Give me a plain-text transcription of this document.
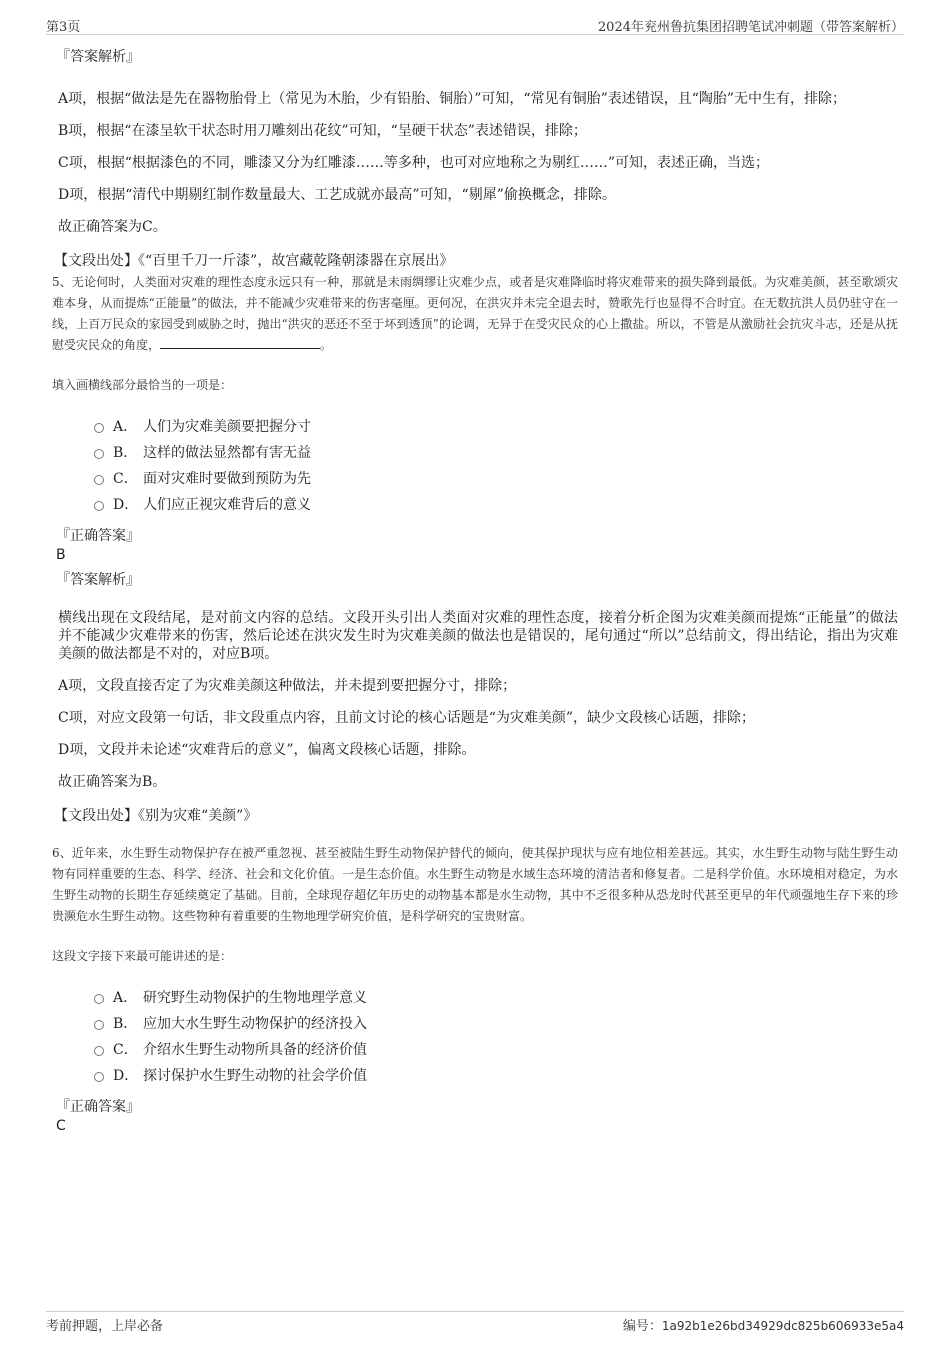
第3页	2024年兖州鲁抗集团招聘笔试冲刺题（带答案解析）
『答案解析』

A项，根据“做法是先在器物胎骨上（常见为木胎，少有铅胎、铜胎）”可知，“常见有铜胎”表述错误，且“陶胎”无中生有，排除；

B项，根据“在漆呈软干状态时用刀雕刻出花纹”可知，“呈硬干状态”表述错误，排除；

C项，根据“根据漆色的不同，雕漆又分为红雕漆……等多种，也可对应地称之为剔红……”可知，表述正确，当选；

D项，根据“清代中期剔红制作数量最大、工艺成就亦最高”可知，“剔犀”偷换概念，排除。

故正确答案为C。

【文段出处】《“百里千刀一斤漆”，故宫藏乾隆朝漆器在京展出》

5、无论何时，人类面对灾难的理性态度永远只有一种，那就是未雨绸缪让灾难少点，或者是灾难降临时将灾难带来的损失降到最低。为灾难美颜，甚至歌颂灾难本身，从而提炼“正能量”的做法，并不能减少灾难带来的伤害毫厘。更何况，在洪灾并未完全退去时，赞歌先行也显得不合时宜。在无数抗洪人员仍驻守在一线，上百万民众的家园受到威胁之时，抛出“洪灾的恶还不至于坏到透顶”的论调，无异于在受灾民众的心上撒盐。所以，不管是从激励社会抗灾斗志，还是从抚慰受灾民众的角度，	。

填入画横线部分最恰当的一项是：
A． 人们为灾难美颜要把握分寸
B． 这样的做法显然都有害无益
C． 面对灾难时要做到预防为先
D． 人们应正视灾难背后的意义
『正确答案』
B
『答案解析』

横线出现在文段结尾，是对前文内容的总结。文段开头引出人类面对灾难的理性态度，接着分析企图为灾难美颜而提炼“正能量”的做法并不能减少灾难带来的伤害，然后论述在洪灾发生时为灾难美颜的做法也是错误的，尾句通过“所以”总结前文，得出结论，指出为灾难美颜的做法都是不对的，对应B项。

A项，文段直接否定了为灾难美颜这种做法，并未提到要把握分寸，排除；

C项，对应文段第一句话，非文段重点内容，且前文讨论的核心话题是“为灾难美颜”，缺少文段核心话题，排除；

D项，文段并未论述“灾难背后的意义”，偏离文段核心话题，排除。

故正确答案为B。

【文段出处】《别为灾难“美颜”》

6、近年来，水生野生动物保护存在被严重忽视、甚至被陆生野生动物保护替代的倾向，使其保护现状与应有地位相差甚远。其实，水生野生动物与陆生野生动物有同样重要的生态、科学、经济、社会和文化价值。一是生态价值。水生野生动物是水域生态环境的清洁者和修复者。二是科学价值。水环境相对稳定，为水生野生动物的长期生存延续奠定了基础。目前，全球现存超亿年历史的动物基本都是水生动物，其中不乏很多种从恐龙时代甚至更早的年代顽强地生存下来的珍贵濒危水生野生动物。这些物种有着重要的生物地理学研究价值，是科学研究的宝贵财富。

这段文字接下来最可能讲述的是：
A． 研究野生动物保护的生物地理学意义
B． 应加大水生野生动物保护的经济投入
C． 介绍水生野生动物所具备的经济价值
D． 探讨保护水生野生动物的社会学价值
『正确答案』
C
考前押题，上岸必备	编号：1a92b1e26bd34929dc825b606933e5a4
